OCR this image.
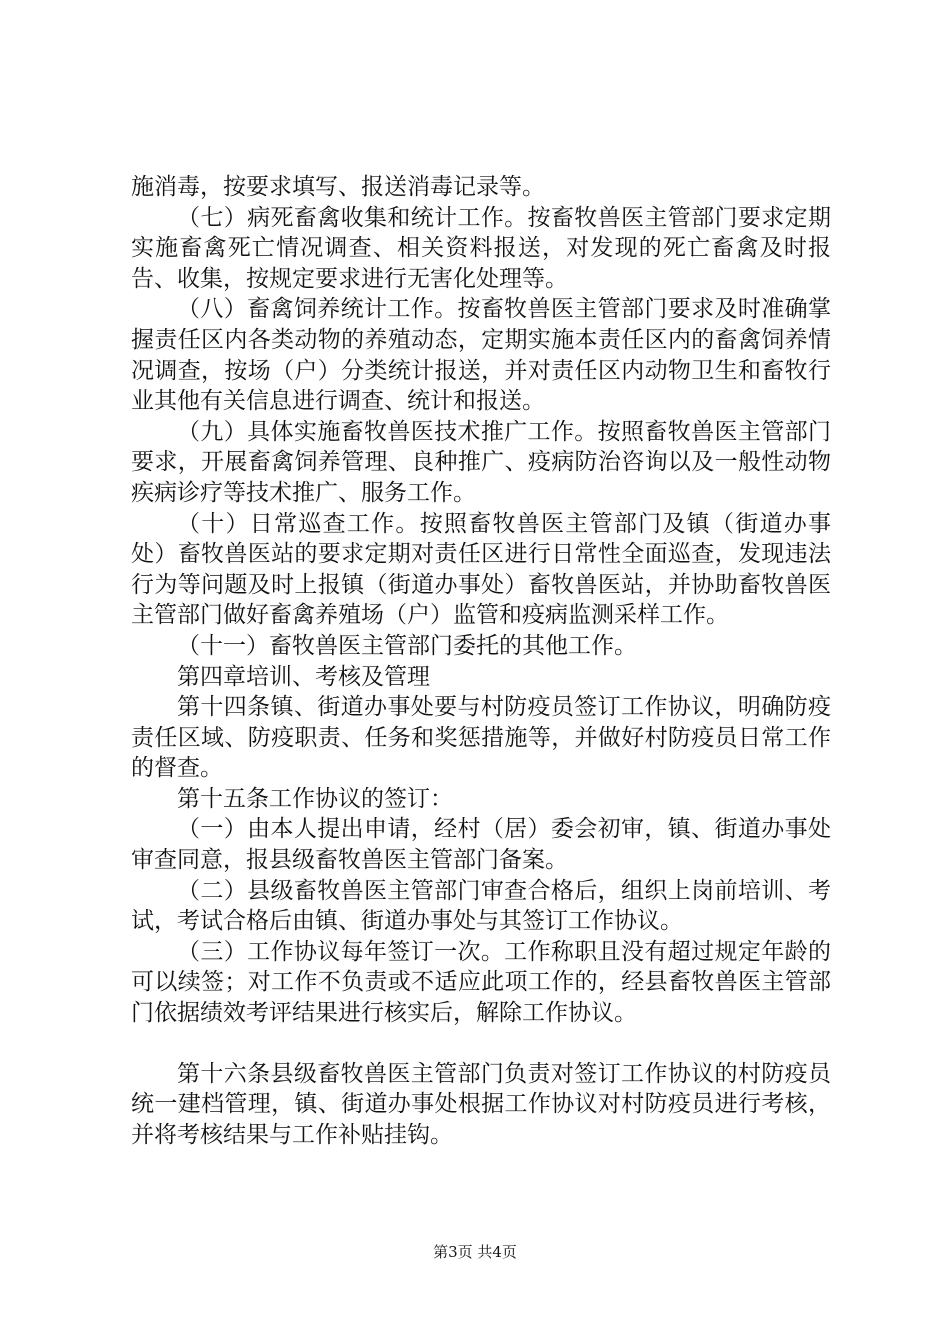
施消毒，按要求填写、报送消毒记录等。

（七）病死畜禽收集和统计工作。按畜牧兽医主管部门要求定期实施畜禽死亡情况调查、相关资料报送，对发现的死亡畜禽及时报告、收集，按规定要求进行无害化处理等。

（八）畜禽饲养统计工作。按畜牧兽医主管部门要求及时准确掌握责任区内各类动物的养殖动态，定期实施本责任区内的畜禽饲养情况调查，按场（户）分类统计报送，并对责任区内动物卫生和畜牧行业其他有关信息进行调查、统计和报送。

（九）具体实施畜牧兽医技术推广工作。按照畜牧兽医主管部门要求，开展畜禽饲养管理、良种推广、疫病防治咨询以及一般性动物疾病诊疗等技术推广、服务工作。

（十）日常巡查工作。按照畜牧兽医主管部门及镇（街道办事处）畜牧兽医站的要求定期对责任区进行日常性全面巡查，发现违法行为等问题及时上报镇（街道办事处）畜牧兽医站，并协助畜牧兽医主管部门做好畜禽养殖场（户）监管和疫病监测采样工作。

（十一）畜牧兽医主管部门委托的其他工作。

第四章培训、考核及管理

第十四条镇、街道办事处要与村防疫员签订工作协议，明确防疫责任区域、防疫职责、任务和奖惩措施等，并做好村防疫员日常工作的督查。

第十五条工作协议的签订：

（一）由本人提出申请，经村（居）委会初审，镇、街道办事处审查同意，报县级畜牧兽医主管部门备案。

（二）县级畜牧兽医主管部门审查合格后，组织上岗前培训、考试，考试合格后由镇、街道办事处与其签订工作协议。

（三）工作协议每年签订一次。工作称职且没有超过规定年龄的可以续签；对工作不负责或不适应此项工作的，经县畜牧兽医主管部门依据绩效考评结果进行核实后，解除工作协议。

第十六条县级畜牧兽医主管部门负责对签订工作协议的村防疫员统一建档管理，镇、街道办事处根据工作协议对村防疫员进行考核，并将考核结果与工作补贴挂钩。

第3页 共4页
